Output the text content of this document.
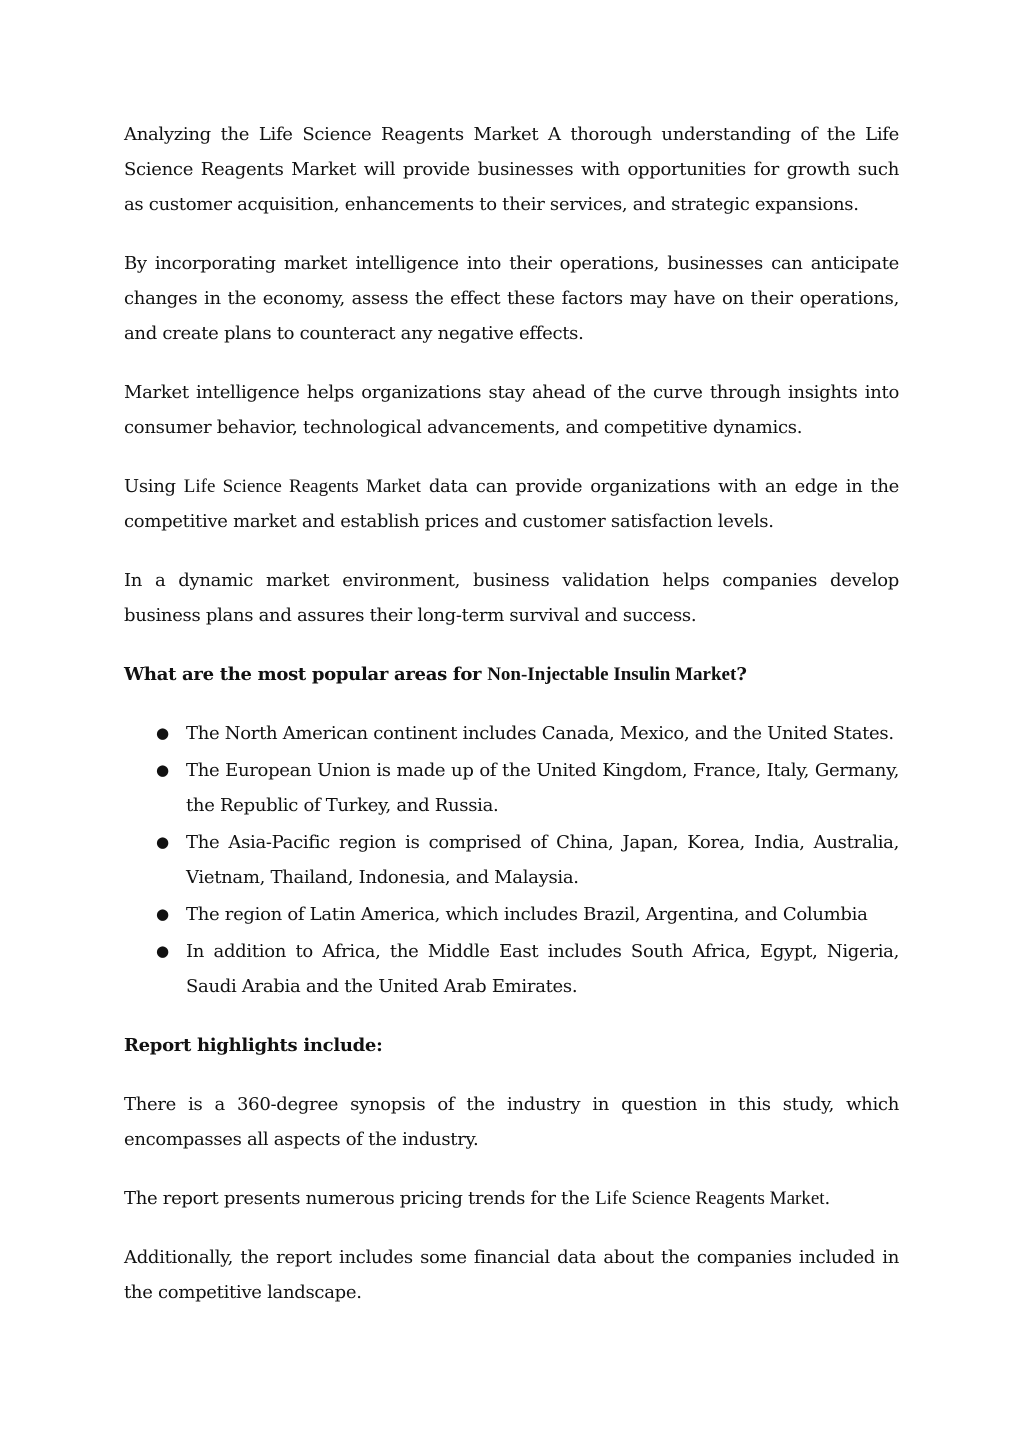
Analyzing the Life Science Reagents Market A thorough understanding of the Life Science Reagents Market will provide businesses with opportunities for growth such as customer acquisition, enhancements to their services, and strategic expansions.

By incorporating market intelligence into their operations, businesses can anticipate changes in the economy, assess the effect these factors may have on their operations, and create plans to counteract any negative effects.

Market intelligence helps organizations stay ahead of the curve through insights into consumer behavior, technological advancements, and competitive dynamics.

Using Life Science Reagents Market data can provide organizations with an edge in the competitive market and establish prices and customer satisfaction levels.

In a dynamic market environment, business validation helps companies develop business plans and assures their long-term survival and success.

What are the most popular areas for Non-Injectable Insulin Market?
● The North American continent includes Canada, Mexico, and the United States.
● The European Union is made up of the United Kingdom, France, Italy, Germany, the Republic of Turkey, and Russia.
● The Asia-Pacific region is comprised of China, Japan, Korea, India, Australia, Vietnam, Thailand, Indonesia, and Malaysia.
● The region of Latin America, which includes Brazil, Argentina, and Columbia
● In addition to Africa, the Middle East includes South Africa, Egypt, Nigeria, Saudi Arabia and the United Arab Emirates.
Report highlights include:

There is a 360-degree synopsis of the industry in question in this study, which encompasses all aspects of the industry.

The report presents numerous pricing trends for the Life Science Reagents Market.

Additionally, the report includes some financial data about the companies included in the competitive landscape.
